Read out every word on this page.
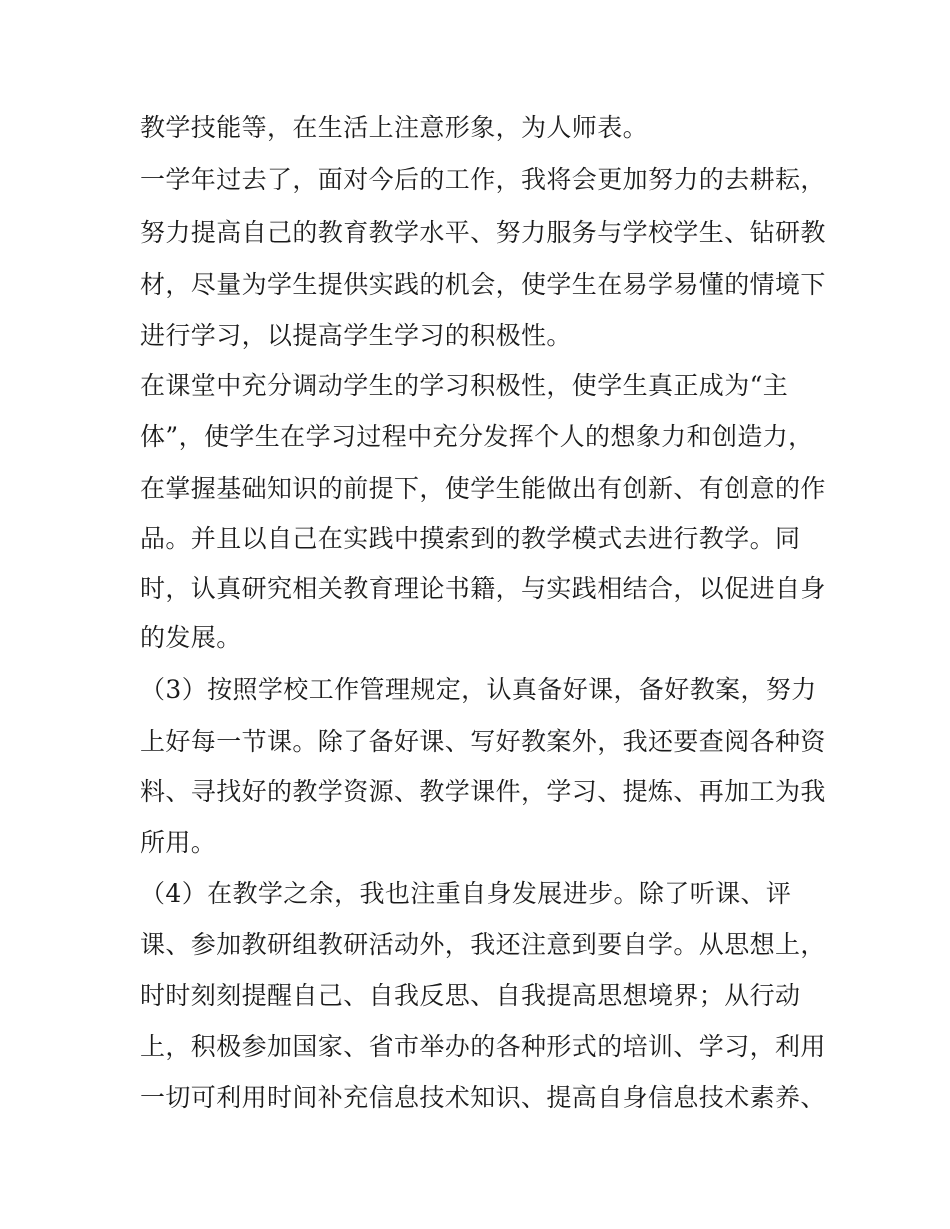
教学技能等，在生活上注意形象，为人师表。
一学年过去了，面对今后的工作，我将会更加努力的去耕耘，
努力提高自己的教育教学水平、努力服务与学校学生、钻研教
材，尽量为学生提供实践的机会，使学生在易学易懂的情境下
进行学习，以提高学生学习的积极性。
在课堂中充分调动学生的学习积极性，使学生真正成为“主
体”，使学生在学习过程中充分发挥个人的想象力和创造力，
在掌握基础知识的前提下，使学生能做出有创新、有创意的作
品。并且以自己在实践中摸索到的教学模式去进行教学。同
时，认真研究相关教育理论书籍，与实践相结合，以促进自身
的发展。
（3）按照学校工作管理规定，认真备好课，备好教案，努力
上好每一节课。除了备好课、写好教案外，我还要查阅各种资
料、寻找好的教学资源、教学课件，学习、提炼、再加工为我
所用。
（4）在教学之余，我也注重自身发展进步。除了听课、评
课、参加教研组教研活动外，我还注意到要自学。从思想上，
时时刻刻提醒自己、自我反思、自我提高思想境界；从行动
上，积极参加国家、省市举办的各种形式的培训、学习，利用
一切可利用时间补充信息技术知识、提高自身信息技术素养、
